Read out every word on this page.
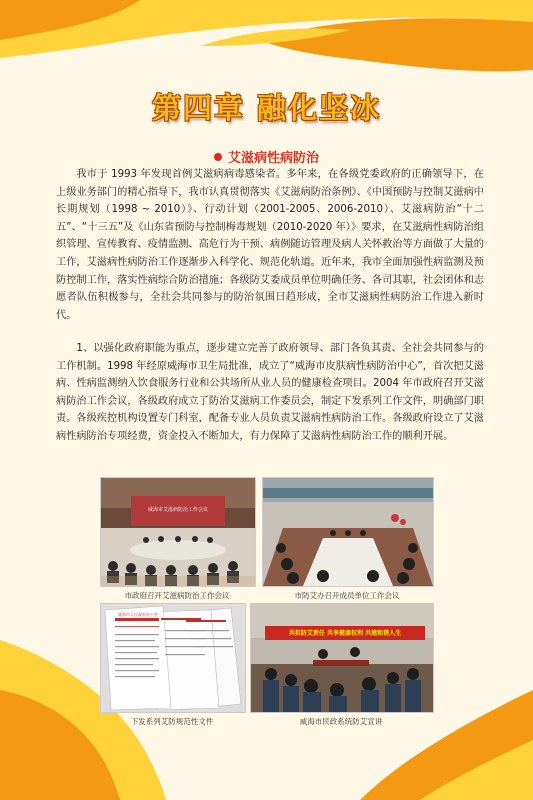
第四章 融化坚冰
艾滋病性病防治

我市于 1993 年发现首例艾滋病病毒感染者。多年来，在各级党委政府的正确领导下，在上级业务部门的精心指导下，我市认真贯彻落实《艾滋病防治条例》、《中国预防与控制艾滋病中长期规划（1998 ~ 2010）》、行动计划（2001-2005、2006-2010）、艾滋病防治“十二五”、“十三五”及《山东省预防与控制梅毒规划（2010-2020 年）》要求，在艾滋病性病防治组织管理、宣传教育、疫情监测、高危行为干预、病例随访管理及病人关怀救治等方面做了大量的工作，艾滋病性病防治工作逐渐步入科学化、规范化轨道。近年来，我市全面加强性病监测及预防控制工作，落实性病综合防治措施；各级防艾委成员单位明确任务、各司其职，社会团体和志愿者队伍积极参与，全社会共同参与的防治氛围日趋形成，全市艾滋病性病防治工作进入新时代。

1、以强化政府职能为重点，逐步建立完善了政府领导、部门各负其责、全社会共同参与的工作机制。1998 年经原威海市卫生局批准，成立了“威海市皮肤病性病防治中心”，首次把艾滋病、性病监测纳入饮食服务行业和公共场所从业人员的健康检查项目。2004 年市政府召开艾滋病防治工作会议，各级政府成立了防治艾滋病工作委员会，制定下发系列工作文件，明确部门职责。各级疾控机构设置专门科室，配备专业人员负责艾滋病性病防治工作。各级政府设立了艾滋病性病防治专项经费，资金投入不断加大，有力保障了艾滋病性病防治工作的顺利开展。

威海市艾滋病防治工作会议
市政府召开艾滋病防治工作会议	市防艾办召开成员单位工作会议
威海市人民政府办公室
下发系列艾防规范性文件
共担防艾责任 共享健康权利 共建和谐人生
威海市民政系统防艾宣讲
